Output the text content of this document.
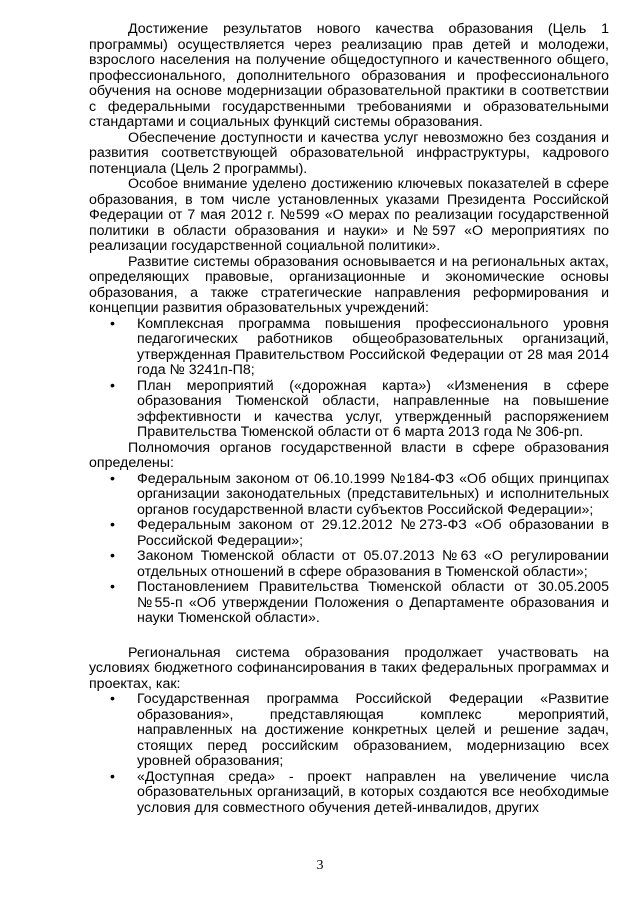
Достижение результатов нового качества образования (Цель 1 программы) осуществляется через реализацию прав детей и молодежи, взрослого населения на получение общедоступного и качественного общего, профессионального, дополнительного образования и профессионального обучения на основе модернизации образовательной практики в соответствии с федеральными государственными требованиями и образовательными стандартами и социальных функций системы образования.

Обеспечение доступности и качества услуг невозможно без создания и развития соответствующей образовательной инфраструктуры, кадрового потенциала (Цель 2 программы).

Особое внимание уделено достижению ключевых показателей в сфере образования, в том числе установленных указами Президента Российской Федерации от 7 мая 2012 г. №599 «О мерах по реализации государственной политики в области образования и науки» и №597 «О мероприятиях по реализации государственной социальной политики».

Развитие системы образования основывается и на региональных актах, определяющих правовые, организационные и экономические основы образования, а также стратегические направления реформирования и концепции развития образовательных учреждений:

•	Комплексная программа повышения профессионального уровня педагогических работников общеобразовательных организаций, утвержденная Правительством Российской Федерации от 28 мая 2014 года № 3241п-П8;
•	План мероприятий («дорожная карта») «Изменения в сфере образования Тюменской области, направленные на повышение эффективности и качества услуг, утвержденный распоряжением Правительства Тюменской области от 6 марта 2013 года № 306-рп.

Полномочия органов государственной власти в сфере образования определены:

•	Федеральным законом от 06.10.1999 №184-ФЗ «Об общих принципах организации законодательных (представительных) и исполнительных органов государственной власти субъектов Российской Федерации»;
•	Федеральным законом от 29.12.2012 №273-ФЗ «Об образовании в Российской Федерации»;
•	Законом Тюменской области от 05.07.2013 №63 «О регулировании отдельных отношений в сфере образования в Тюменской области»;
•	Постановлением Правительства Тюменской области от 30.05.2005 №55-п «Об утверждении Положения о Департаменте образования и науки Тюменской области».

Региональная система образования продолжает участвовать на условиях бюджетного софинансирования в таких федеральных программах и проектах, как:

•	Государственная программа Российской Федерации «Развитие образования», представляющая комплекс мероприятий, направленных на достижение конкретных целей и решение задач, стоящих перед российским образованием, модернизацию всех уровней образования;
•	«Доступная среда» - проект направлен на увеличение числа образовательных организаций, в которых создаются все необходимые условия для совместного обучения детей-инвалидов, других
3
